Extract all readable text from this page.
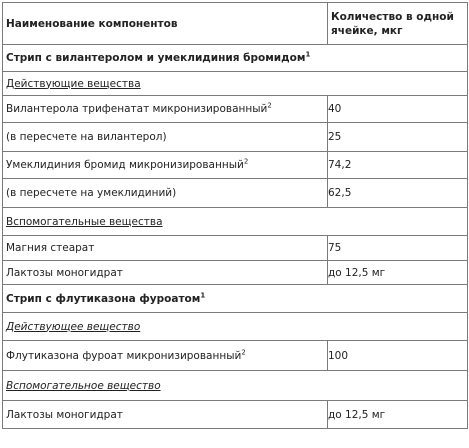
Наименование компонентов	Количество в одной ячейке, мкг
Стрип с вилантеролом и умеклидиния бромидом$^1$
Действующие вещества	
Вилантерола трифенатат микронизированный$^2$	40
(в пересчете на вилантерол)	25
Умеклидиния бромид микронизированный$^2$	74,2
(в пересчете на умеклидиний)	62,5
Вспомогательные вещества	
Магния стеарат	75
Лактозы моногидрат	до 12,5 мг
Стрип с флутиказона фуроатом$^1$
Действующее вещество	
Флутиказона фуроат микронизированный$^2$	100
Вспомогательное вещество	
Лактозы моногидрат	до 12,5 мг
